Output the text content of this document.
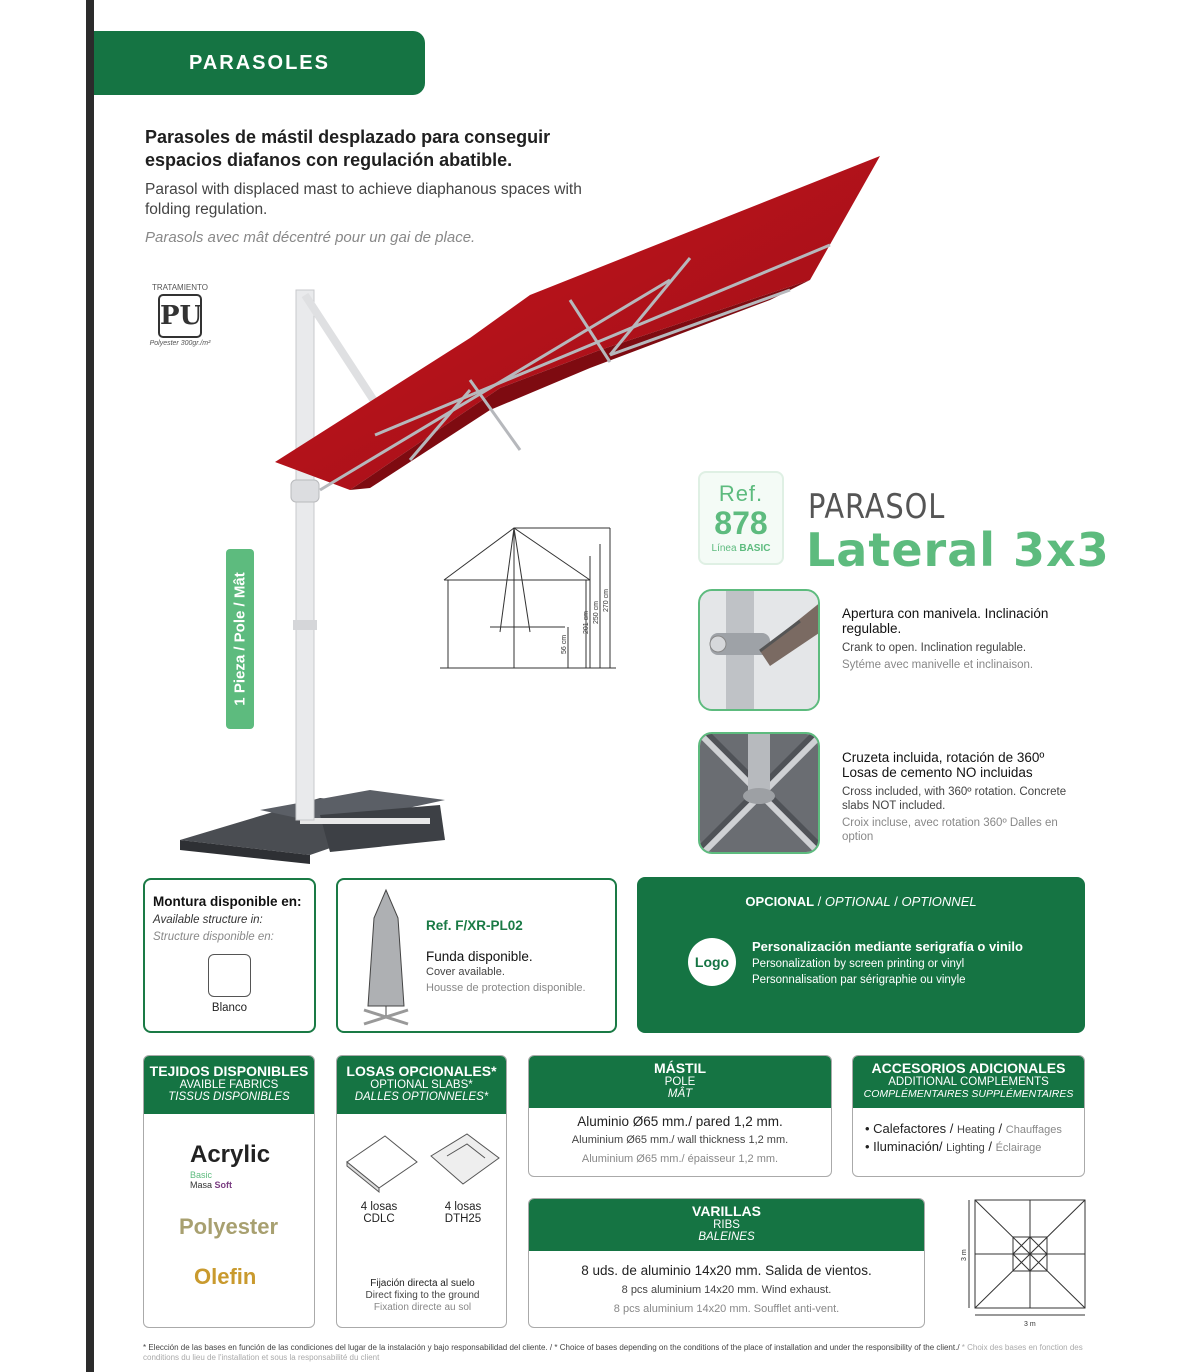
PARASOLES
Parasoles de mástil desplazado para conseguir espacios diafanos con regulación abatible.
Parasol with displaced mast to achieve diaphanous spaces with folding regulation.
Parasols avec mât décentré pour un gai de place.
TRATAMIENTO
PU
Polyester 300gr./m²
1 Pieza / Pole / Mât	56 cm
201 cm 250 cm
270 cm
Ref.
878
Línea BASIC
PARASOL
Lateral 3x3
Apertura con manivela. Inclinación regulable.
Crank to open. Inclination regulable.
Sytéme avec manivelle et inclinaison.
Cruzeta incluida, rotación de 360º Losas de cemento NO incluidas
Cross included, with 360º rotation. Concrete slabs NOT included.
Croix incluse, avec rotation 360º Dalles en option
Montura disponible en:
Available structure in:
Structure disponible en:
Blanco
Ref. F/XR-PL02
Funda disponible.
Cover available.
Housse de protection disponible.
OPCIONAL / OPTIONAL / OPTIONNEL
Logo
Personalización mediante serigrafía o vinilo
Personalization by screen printing or vinyl
Personnalisation par sérigraphie ou vinyle
TEJIDOS DISPONIBLES
AVAIBLE FABRICS
TISSUS DISPONIBLES
Acrylic
Basic
Masa Soft
Polyester
Olefin
LOSAS OPCIONALES*
OPTIONAL SLABS*
DALLES OPTIONNELES*
4 losas CDLC
4 losas DTH25
Fijación directa al suelo
Direct fixing to the ground
Fixation directe au sol
MÁSTIL
POLE
MÂT
Aluminio Ø65 mm./ pared 1,2 mm.
Aluminium Ø65 mm./ wall thickness 1,2 mm.
Aluminium Ø65 mm./ épaisseur 1,2 mm.
ACCESORIOS ADICIONALES
ADDITIONAL COMPLEMENTS
COMPLÉMENTAIRES SUPPLÉMENTAIRES
• Calefactores / Heating / Chauffages
• Iluminación/ Lighting / Éclairage
VARILLAS
RIBS
BALEINES
8 uds. de aluminio 14x20 mm. Salida de vientos.
8 pcs aluminium 14x20 mm. Wind exhaust.
8 pcs aluminium 14x20 mm. Soufflet anti-vent.
3 m
3 m
* Elección de las bases en función de las condiciones del lugar de la instalación y bajo responsabilidad del cliente. / * Choice of bases depending on the conditions of the place of installation and under the responsibility of the client./ * Choix des bases en fonction des conditions du lieu de l'installation et sous la responsabilité du client
